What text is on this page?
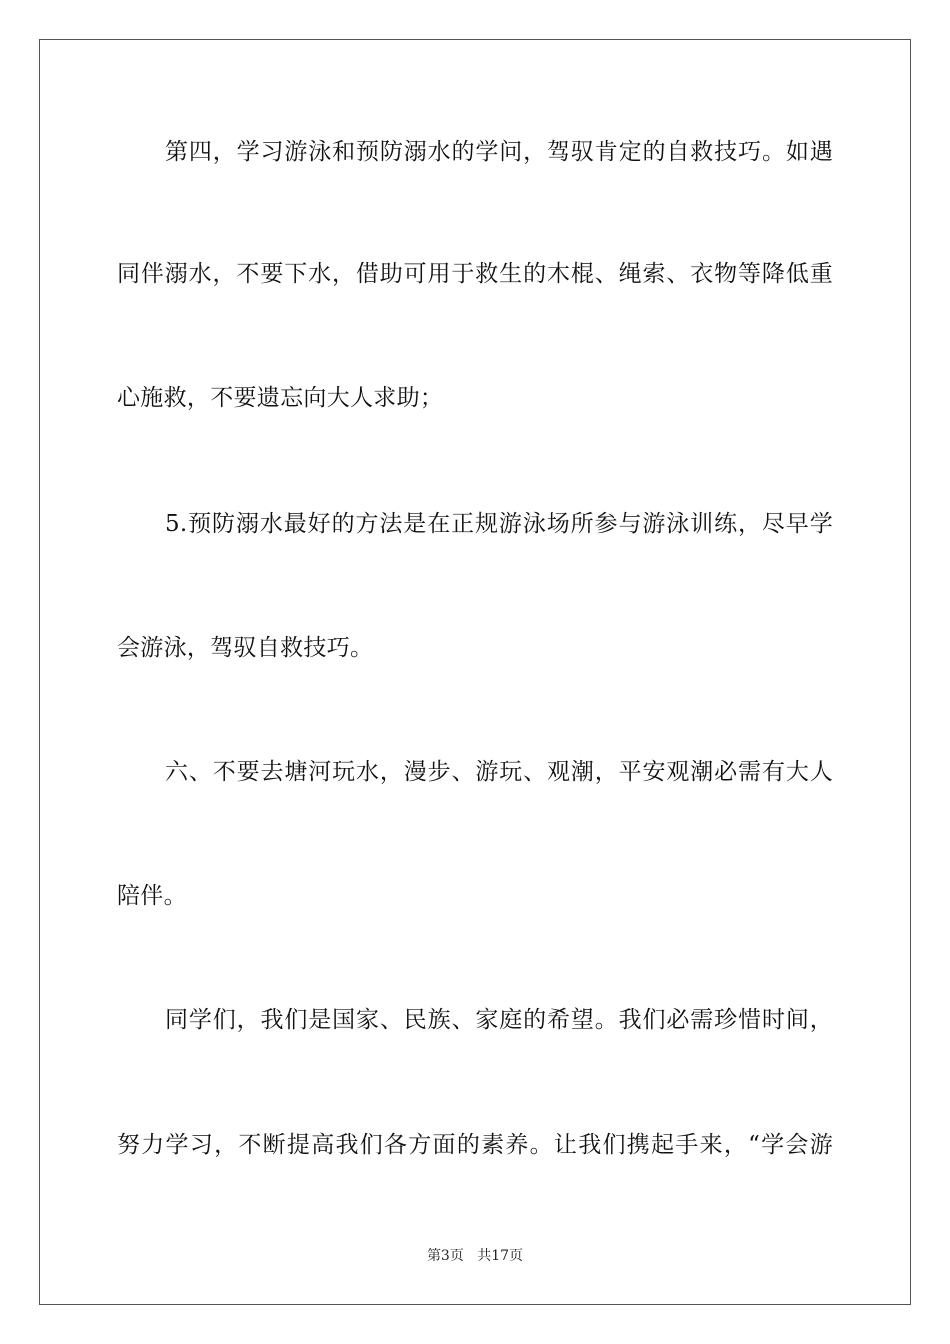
第四，学习游泳和预防溺水的学问，驾驭肯定的自救技巧。如遇
同伴溺水，不要下水，借助可用于救生的木棍、绳索、衣物等降低重
心施救，不要遗忘向大人求助；
5.预防溺水最好的方法是在正规游泳场所参与游泳训练，尽早学
会游泳，驾驭自救技巧。
六、不要去塘河玩水，漫步、游玩、观潮，平安观潮必需有大人
陪伴。
同学们，我们是国家、民族、家庭的希望。我们必需珍惜时间，
努力学习，不断提高我们各方面的素养。让我们携起手来，“学会游
第3页 共17页
